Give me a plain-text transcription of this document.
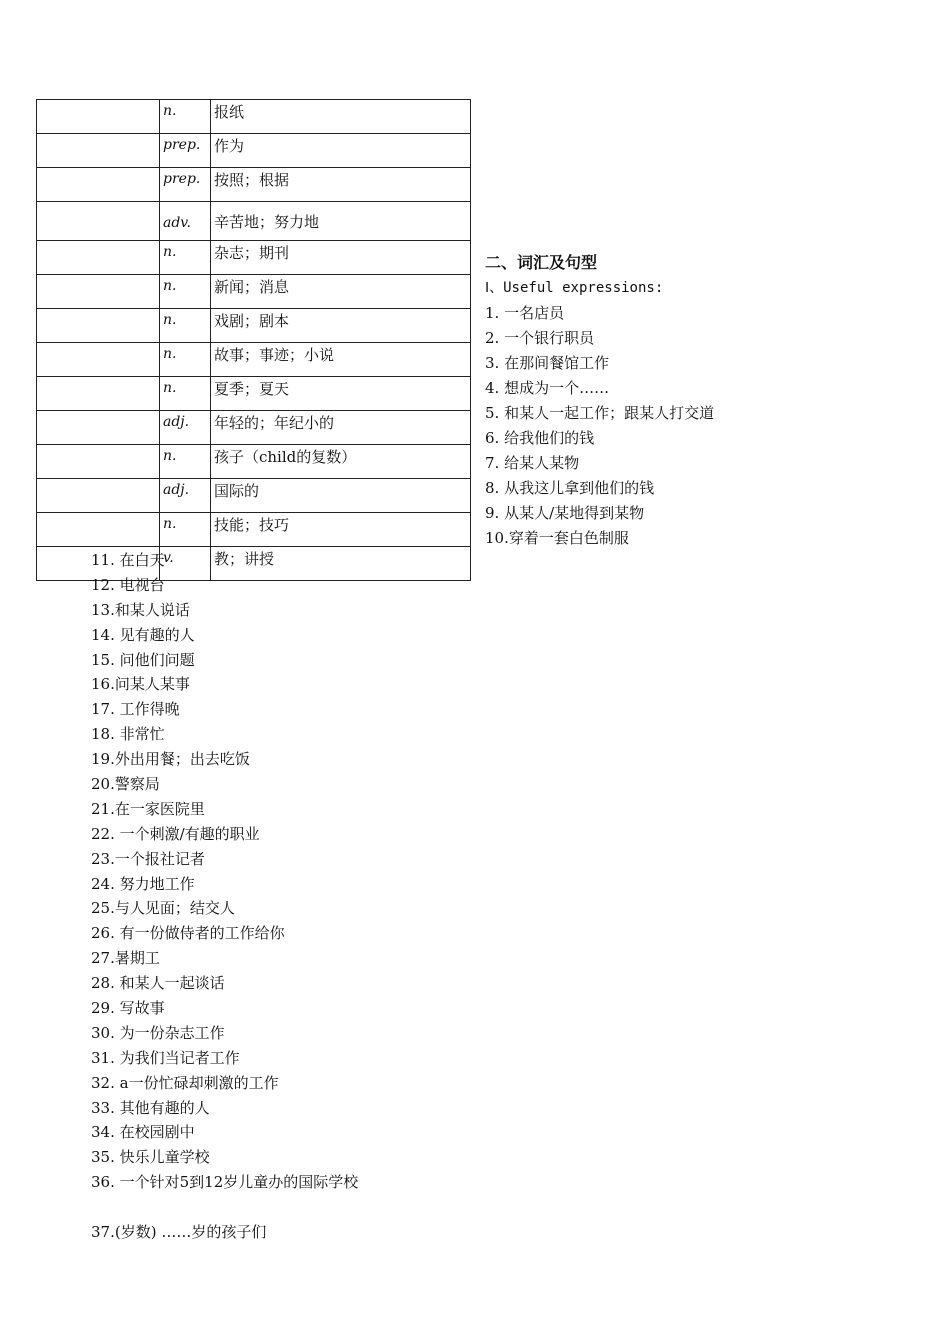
	n.	报纸
	prep.	作为
	prep.	按照；根据
	adv.	辛苦地；努力地
	n.	杂志；期刊
	n.	新闻；消息
	n.	戏剧；剧本
	n.	故事；事迹；小说
	n.	夏季；夏天
	adj.	年轻的；年纪小的
	n.	孩子（child的复数）
	adj.	国际的
	n.	技能；技巧
	v.	教；讲授
二、词汇及句型
Ⅰ、Useful expressions:
1. 一名店员
2. 一个银行职员
3. 在那间餐馆工作
4. 想成为一个……
5. 和某人一起工作；跟某人打交道
6. 给我他们的钱
7. 给某人某物
8. 从我这儿拿到他们的钱
9. 从某人/某地得到某物
10.穿着一套白色制服
11. 在白天
12. 电视台
13.和某人说话
14. 见有趣的人
15. 问他们问题
16.问某人某事
17. 工作得晚
18. 非常忙
19.外出用餐；出去吃饭
20.警察局
21.在一家医院里
22. 一个刺激/有趣的职业
23.一个报社记者
24. 努力地工作
25.与人见面；结交人
26. 有一份做侍者的工作给你
27.暑期工
28. 和某人一起谈话
29. 写故事
30. 为一份杂志工作
31. 为我们当记者工作
32. a一份忙碌却刺激的工作
33. 其他有趣的人
34. 在校园剧中
35. 快乐儿童学校
36. 一个针对5到12岁儿童办的国际学校
37.(岁数) ……岁的孩子们
